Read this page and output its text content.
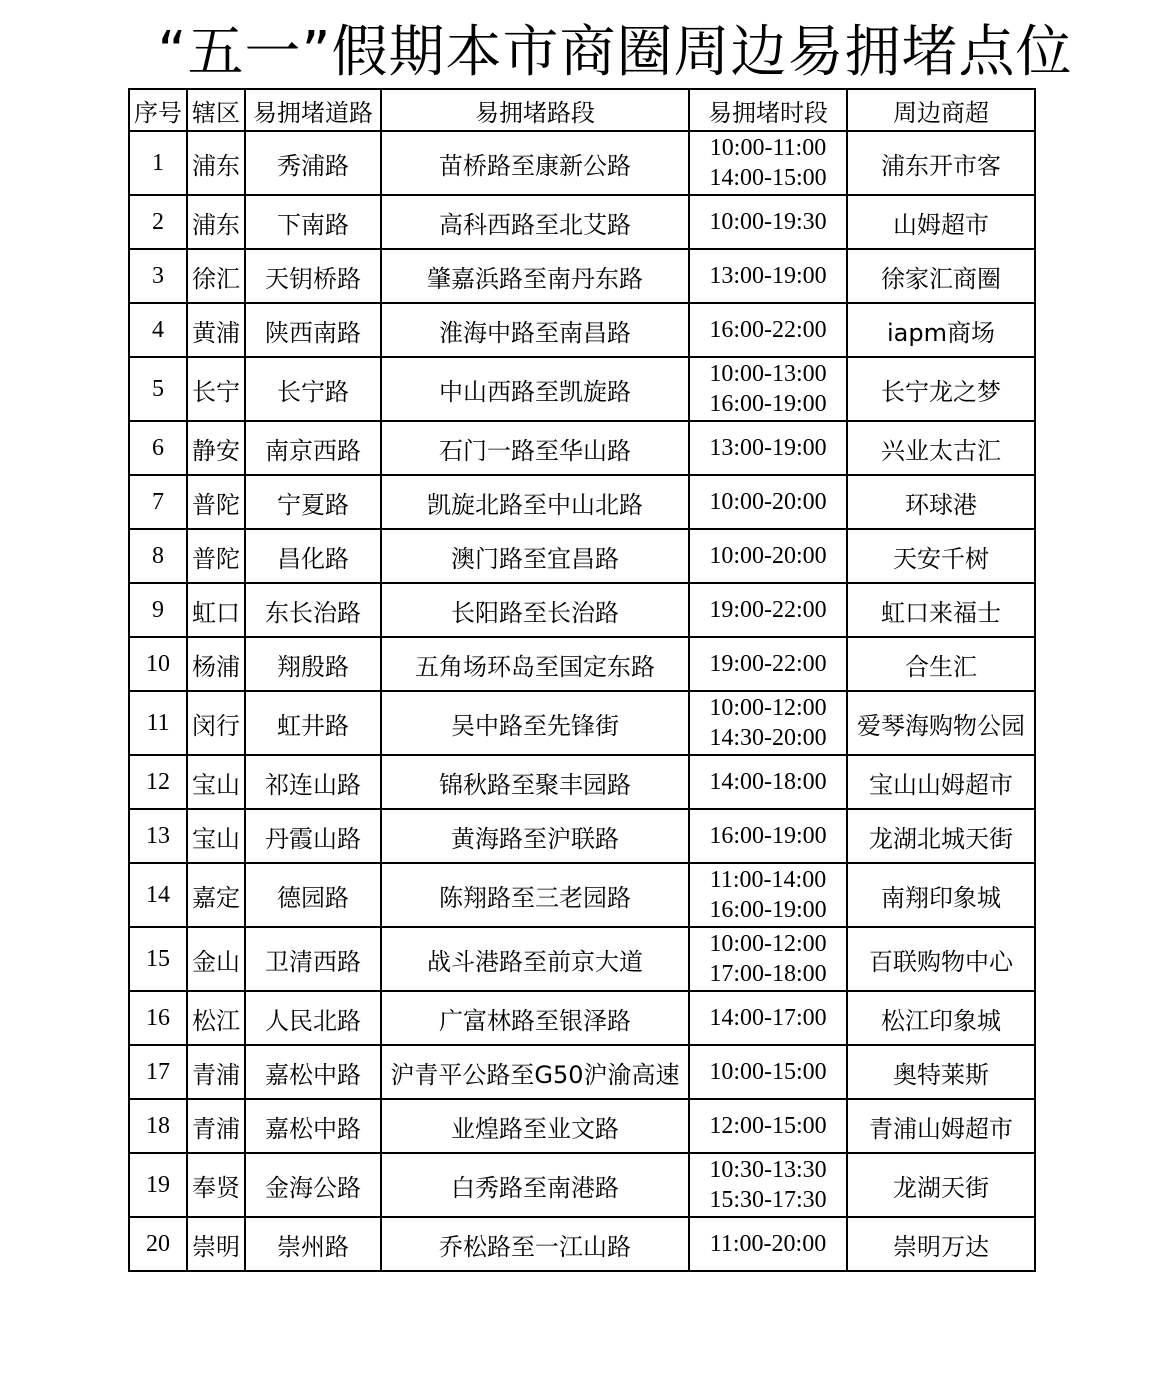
“五一”假期本市商圈周边易拥堵点位
序号	辖区	易拥堵道路	易拥堵路段	易拥堵时段	周边商超
1	浦东	秀浦路	苗桥路至康新公路	10:00-11:00
14:00-15:00	浦东开市客
2	浦东	下南路	高科西路至北艾路	10:00-19:30	山姆超市
3	徐汇	天钥桥路	肇嘉浜路至南丹东路	13:00-19:00	徐家汇商圈
4	黄浦	陕西南路	淮海中路至南昌路	16:00-22:00	iapm商场
5	长宁	长宁路	中山西路至凯旋路	10:00-13:00
16:00-19:00	长宁龙之梦
6	静安	南京西路	石门一路至华山路	13:00-19:00	兴业太古汇
7	普陀	宁夏路	凯旋北路至中山北路	10:00-20:00	环球港
8	普陀	昌化路	澳门路至宜昌路	10:00-20:00	天安千树
9	虹口	东长治路	长阳路至长治路	19:00-22:00	虹口来福士
10	杨浦	翔殷路	五角场环岛至国定东路	19:00-22:00	合生汇
11	闵行	虹井路	吴中路至先锋街	10:00-12:00
14:30-20:00	爱琴海购物公园
12	宝山	祁连山路	锦秋路至聚丰园路	14:00-18:00	宝山山姆超市
13	宝山	丹霞山路	黄海路至沪联路	16:00-19:00	龙湖北城天街
14	嘉定	德园路	陈翔路至三老园路	11:00-14:00
16:00-19:00	南翔印象城
15	金山	卫清西路	战斗港路至前京大道	10:00-12:00
17:00-18:00	百联购物中心
16	松江	人民北路	广富林路至银泽路	14:00-17:00	松江印象城
17	青浦	嘉松中路	沪青平公路至G50沪渝高速	10:00-15:00	奥特莱斯
18	青浦	嘉松中路	业煌路至业文路	12:00-15:00	青浦山姆超市
19	奉贤	金海公路	白秀路至南港路	10:30-13:30
15:30-17:30	龙湖天街
20	崇明	崇州路	乔松路至一江山路	11:00-20:00	崇明万达
